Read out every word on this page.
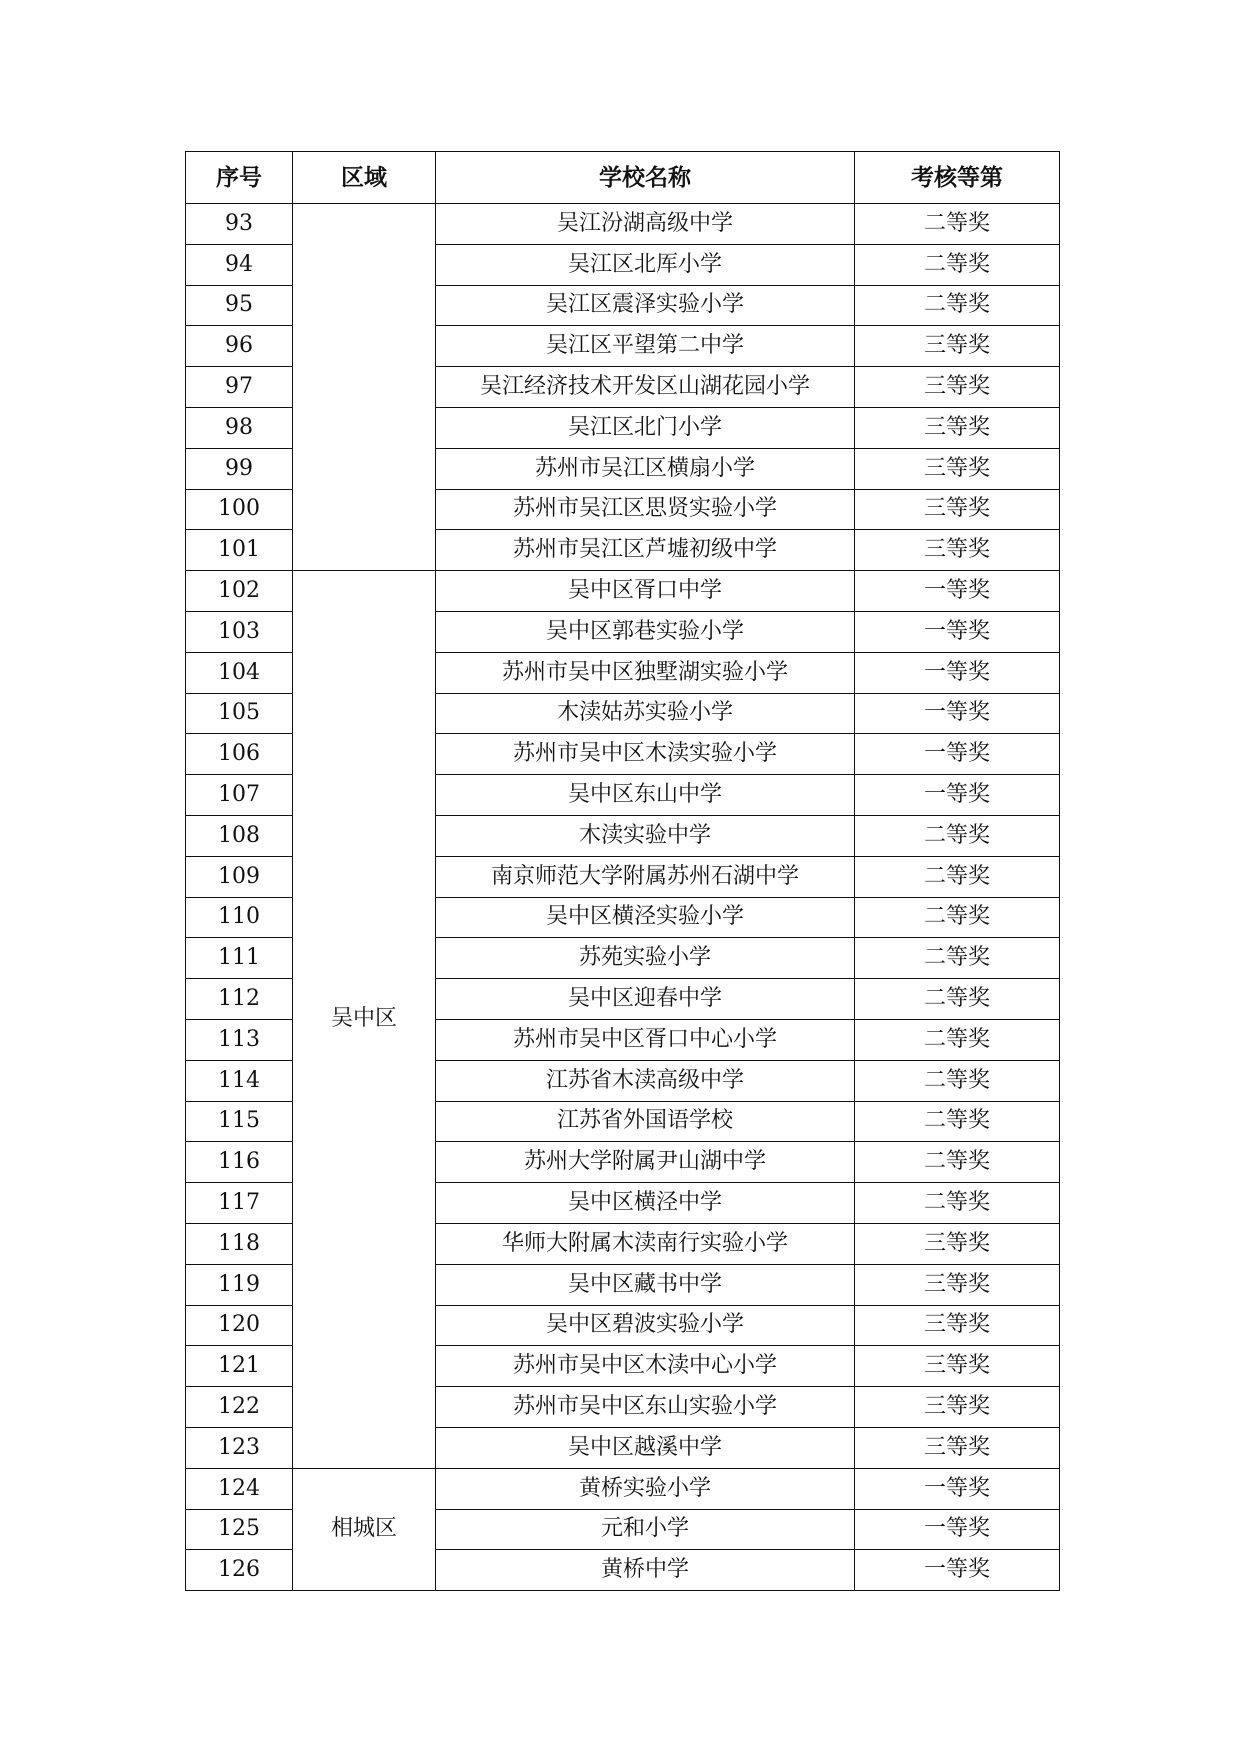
序号	区域	学校名称	考核等第
93		吴江汾湖高级中学	二等奖
94		吴江区北厍小学	二等奖
95		吴江区震泽实验小学	二等奖
96		吴江区平望第二中学	三等奖
97		吴江经济技术开发区山湖花园小学	三等奖
98		吴江区北门小学	三等奖
99		苏州市吴江区横扇小学	三等奖
100		苏州市吴江区思贤实验小学	三等奖
101		苏州市吴江区芦墟初级中学	三等奖
102	吴中区	吴中区胥口中学	一等奖
103		吴中区郭巷实验小学	一等奖
104		苏州市吴中区独墅湖实验小学	一等奖
105		木渎姑苏实验小学	一等奖
106		苏州市吴中区木渎实验小学	一等奖
107		吴中区东山中学	一等奖
108		木渎实验中学	二等奖
109		南京师范大学附属苏州石湖中学	二等奖
110		吴中区横泾实验小学	二等奖
111		苏苑实验小学	二等奖
112		吴中区迎春中学	二等奖
113		苏州市吴中区胥口中心小学	二等奖
114		江苏省木渎高级中学	二等奖
115		江苏省外国语学校	二等奖
116		苏州大学附属尹山湖中学	二等奖
117		吴中区横泾中学	二等奖
118		华师大附属木渎南行实验小学	三等奖
119		吴中区藏书中学	三等奖
120		吴中区碧波实验小学	三等奖
121		苏州市吴中区木渎中心小学	三等奖
122		苏州市吴中区东山实验小学	三等奖
123		吴中区越溪中学	三等奖
124	相城区	黄桥实验小学	一等奖
125		元和小学	一等奖
126		黄桥中学	一等奖
